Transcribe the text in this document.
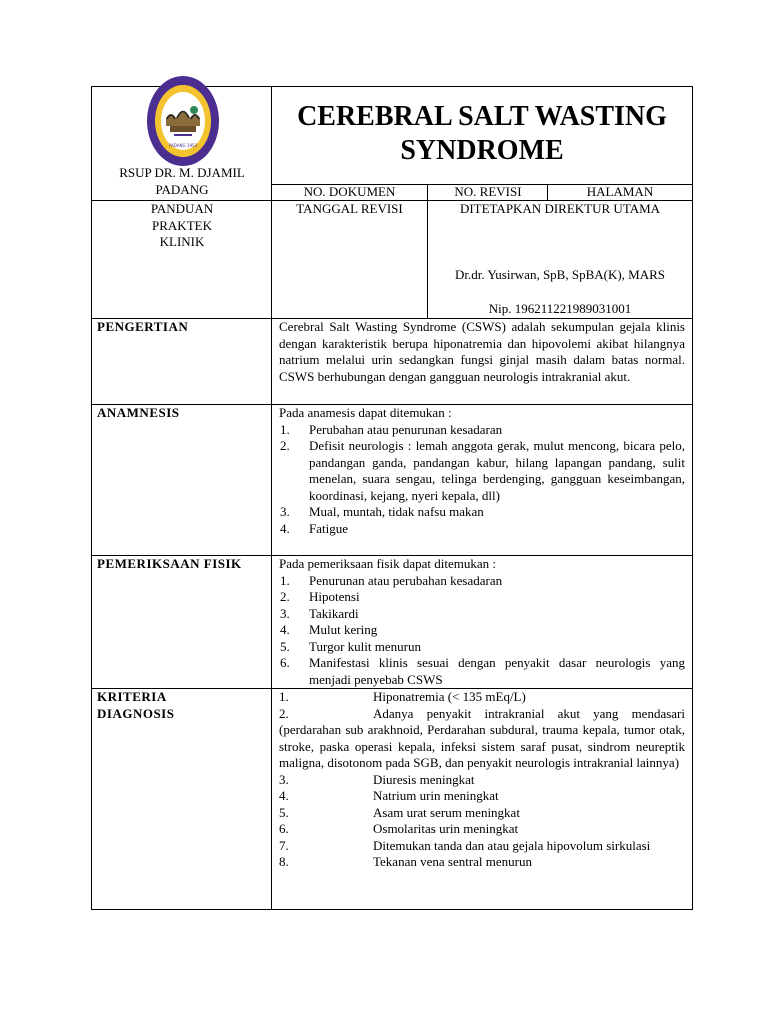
RS. DR. M. DJAMIL
PADANG 1953
RSUP DR. M. DJAMIL PADANG
CEREBRAL SALT WASTING SYNDROME
NO. DOKUMEN	NO. REVISI	HALAMAN
PANDUAN PRAKTEK KLINIK
TANGGAL REVISI	DITETAPKAN DIREKTUR UTAMA
Dr.dr. Yusirwan, SpB, SpBA(K), MARS
Nip. 196211221989031001
PENGERTIAN	Cerebral Salt Wasting Syndrome (CSWS) adalah sekumpulan gejala klinis dengan karakteristik berupa hiponatremia dan hipovolemi akibat hilangnya natrium melalui urin sedangkan fungsi ginjal masih dalam batas normal. CSWS berhubungan dengan gangguan neurologis intrakranial akut.
ANAMNESIS	Pada anamesis dapat ditemukan :
1. Perubahan atau penurunan kesadaran
2. Defisit neurologis : lemah anggota gerak, mulut mencong, bicara pelo, pandangan ganda, pandangan kabur, hilang lapangan pandang, sulit menelan, suara sengau, telinga berdenging, gangguan keseimbangan, koordinasi, kejang, nyeri kepala, dll)
3. Mual, muntah, tidak nafsu makan
4. Fatigue
PEMERIKSAAN FISIK	Pada pemeriksaan fisik dapat ditemukan :
1. Penurunan atau perubahan kesadaran
2. Hipotensi
3. Takikardi
4. Mulut kering
5. Turgor kulit menurun
6. Manifestasi klinis sesuai dengan penyakit dasar neurologis yang menjadi penyebab CSWS
KRITERIA DIAGNOSIS
1.	Hiponatremia (< 135 mEq/L)
2.	Adanya penyakit intrakranial akut yang mendasari (perdarahan sub arakhnoid, Perdarahan subdural, trauma kepala, tumor otak, stroke, paska operasi kepala, infeksi sistem saraf pusat, sindrom neureptik maligna, disotonom pada SGB, dan penyakit neurologis intrakranial lainnya)
3.	Diuresis meningkat
4.	Natrium urin meningkat
5.	Asam urat serum meningkat
6.	Osmolaritas urin meningkat
7.	Ditemukan tanda dan atau gejala hipovolum sirkulasi
8.	Tekanan vena sentral menurun
